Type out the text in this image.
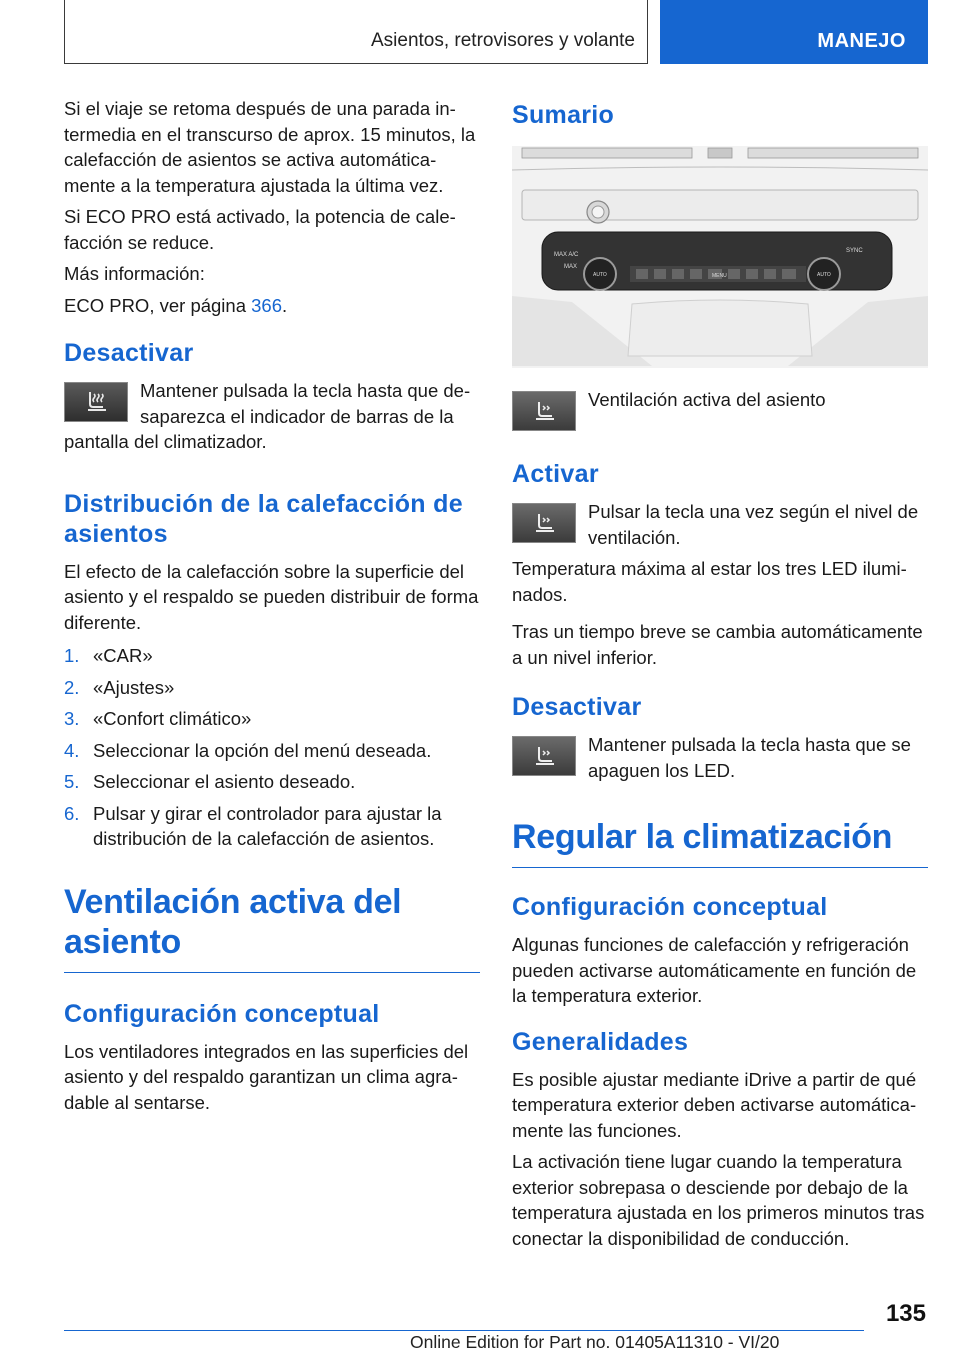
Asientos, retrovisores y volante	MANEJO

Si el viaje se retoma después de una parada intermedia en el transcurso de aprox. 15 minutos, la calefacción de asientos se activa automáticamente a la temperatura ajustada la última vez.

Si ECO PRO está activado, la potencia de calefacción se reduce.

Más información:

ECO PRO, ver página 366.

Desactivar

Mantener pulsada la tecla hasta que desaparezca el indicador de barras de la pantalla del climatizador.

Distribución de la calefacción de asientos

El efecto de la calefacción sobre la superficie del asiento y el respaldo se pueden distribuir de forma diferente.

1. «CAR»
2. «Ajustes»
3. «Confort climático»
4. Seleccionar la opción del menú deseada.
5. Seleccionar el asiento deseado.
6. Pulsar y girar el controlador para ajustar la distribución de la calefacción de asientos.
Ventilación activa del asiento
Configuración conceptual

Los ventiladores integrados en las superficies del asiento y del respaldo garantizan un clima agradable al sentarse.

Sumario
MAX A/C
MAX
AUTO	AUTO
MENU
SYNC

Ventilación activa del asiento

Activar

Pulsar la tecla una vez según el nivel de ventilación.

Temperatura máxima al estar los tres LED iluminados.

Tras un tiempo breve se cambia automáticamente a un nivel inferior.

Desactivar

Mantener pulsada la tecla hasta que se apaguen los LED.

Regular la climatización
Configuración conceptual

Algunas funciones de calefacción y refrigeración pueden activarse automáticamente en función de la temperatura exterior.

Generalidades

Es posible ajustar mediante iDrive a partir de qué temperatura exterior deben activarse automáticamente las funciones.

La activación tiene lugar cuando la temperatura exterior sobrepasa o desciende por debajo de la temperatura ajustada en los primeros minutos tras conectar la disponibilidad de conducción.

135
Online Edition for Part no. 01405A11310 - VI/20
